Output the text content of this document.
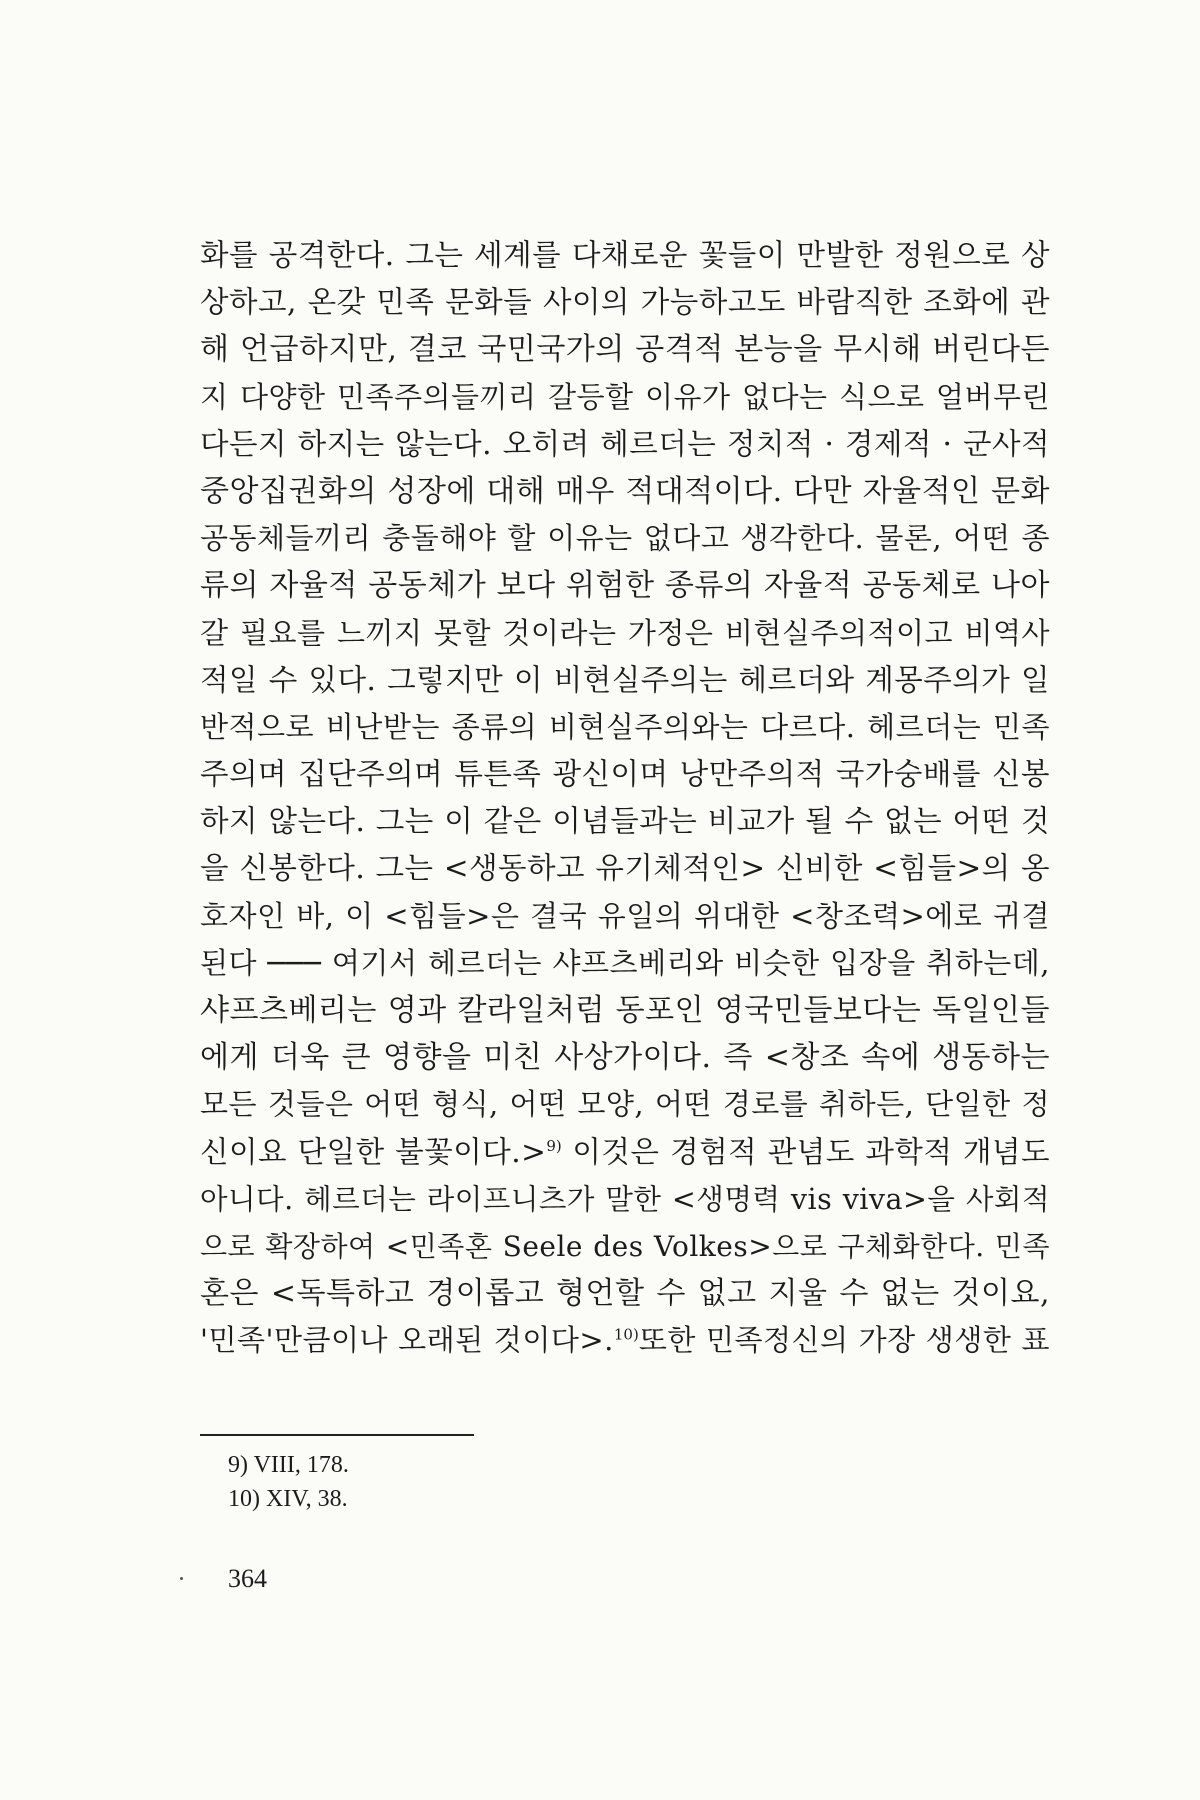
화를 공격한다. 그는 세계를 다채로운 꽃들이 만발한 정원으로 상
상하고, 온갖 민족 문화들 사이의 가능하고도 바람직한 조화에 관
해 언급하지만, 결코 국민국가의 공격적 본능을 무시해 버린다든
지 다양한 민족주의들끼리 갈등할 이유가 없다는 식으로 얼버무린
다든지 하지는 않는다. 오히려 헤르더는 정치적 · 경제적 · 군사적
중앙집권화의 성장에 대해 매우 적대적이다. 다만 자율적인 문화
공동체들끼리 충돌해야 할 이유는 없다고 생각한다. 물론, 어떤 종
류의 자율적 공동체가 보다 위험한 종류의 자율적 공동체로 나아
갈 필요를 느끼지 못할 것이라는 가정은 비현실주의적이고 비역사
적일 수 있다. 그렇지만 이 비현실주의는 헤르더와 계몽주의가 일
반적으로 비난받는 종류의 비현실주의와는 다르다. 헤르더는 민족
주의며 집단주의며 튜튼족 광신이며 낭만주의적 국가숭배를 신봉
하지 않는다. 그는 이 같은 이념들과는 비교가 될 수 없는 어떤 것
을 신봉한다. 그는 <생동하고 유기체적인> 신비한 <힘들>의 옹
호자인 바, 이 <힘들>은 결국 유일의 위대한 <창조력>에로 귀결
된다 ─── 여기서 헤르더는 샤프츠베리와 비슷한 입장을 취하는데,
샤프츠베리는 영과 칼라일처럼 동포인 영국민들보다는 독일인들
에게 더욱 큰 영향을 미친 사상가이다. 즉 <창조 속에 생동하는
모든 것들은 어떤 형식, 어떤 모양, 어떤 경로를 취하든, 단일한 정
신이요 단일한 불꽃이다.>$^{9)}$ 이것은 경험적 관념도 과학적 개념도
아니다. 헤르더는 라이프니츠가 말한 <생명력 vis viva>을 사회적
으로 확장하여 <민족혼 Seele des Volkes>으로 구체화한다. 민족
혼은 <독특하고 경이롭고 형언할 수 없고 지울 수 없는 것이요,
'민족'만큼이나 오래된 것이다>.$^{10)}$또한 민족정신의 가장 생생한 표
9) VIII, 178.
10) XIV, 38.
364
